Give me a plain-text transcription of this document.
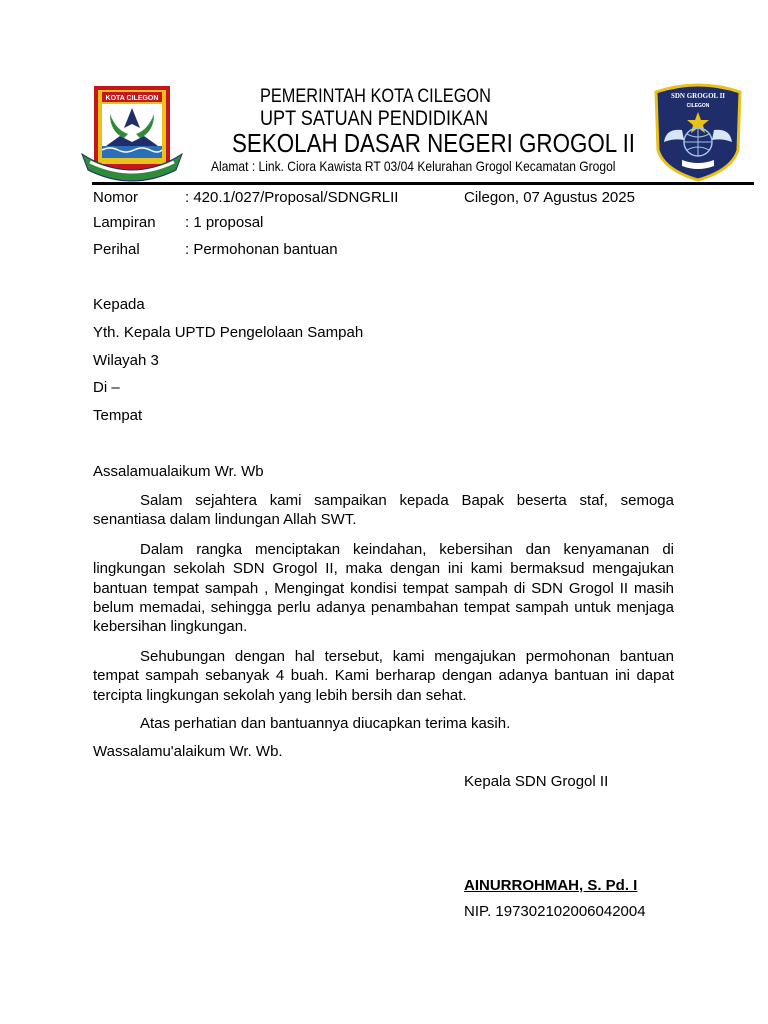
KOTA CILEGON	PEMERINTAH KOTA CILEGON
UPT SATUAN PENDIDIKAN
SEKOLAH DASAR NEGERI GROGOL II
Alamat : Link. Ciora Kawista RT 03/04 Kelurahan Grogol Kecamatan Grogol
SDN GROGOL II
CILEGON
Nomor	: 420.1/027/Proposal/SDNGRLII	Cilegon, 07 Agustus 2025
Lampiran : 1 proposal
Perihal	: Permohonan bantuan
Kepada
Yth. Kepala UPTD Pengelolaan Sampah
Wilayah 3
Di –
Tempat
Assalamualaikum Wr. Wb
Salam sejahtera kami sampaikan kepada Bapak beserta staf, semoga senantiasa dalam lindungan Allah SWT.
Dalam rangka menciptakan keindahan, kebersihan dan kenyamanan di lingkungan sekolah SDN Grogol II, maka dengan ini kami bermaksud mengajukan bantuan tempat sampah , Mengingat kondisi tempat sampah di SDN Grogol II masih belum memadai, sehingga perlu adanya penambahan tempat sampah untuk menjaga kebersihan lingkungan.
Sehubungan dengan hal tersebut, kami mengajukan permohonan bantuan tempat sampah sebanyak 4 buah. Kami berharap dengan adanya bantuan ini dapat tercipta lingkungan sekolah yang lebih bersih dan sehat.
Atas perhatian dan bantuannya diucapkan terima kasih.
Wassalamu'alaikum Wr. Wb.
Kepala SDN Grogol II
AINURROHMAH, S. Pd. I
NIP. 197302102006042004
